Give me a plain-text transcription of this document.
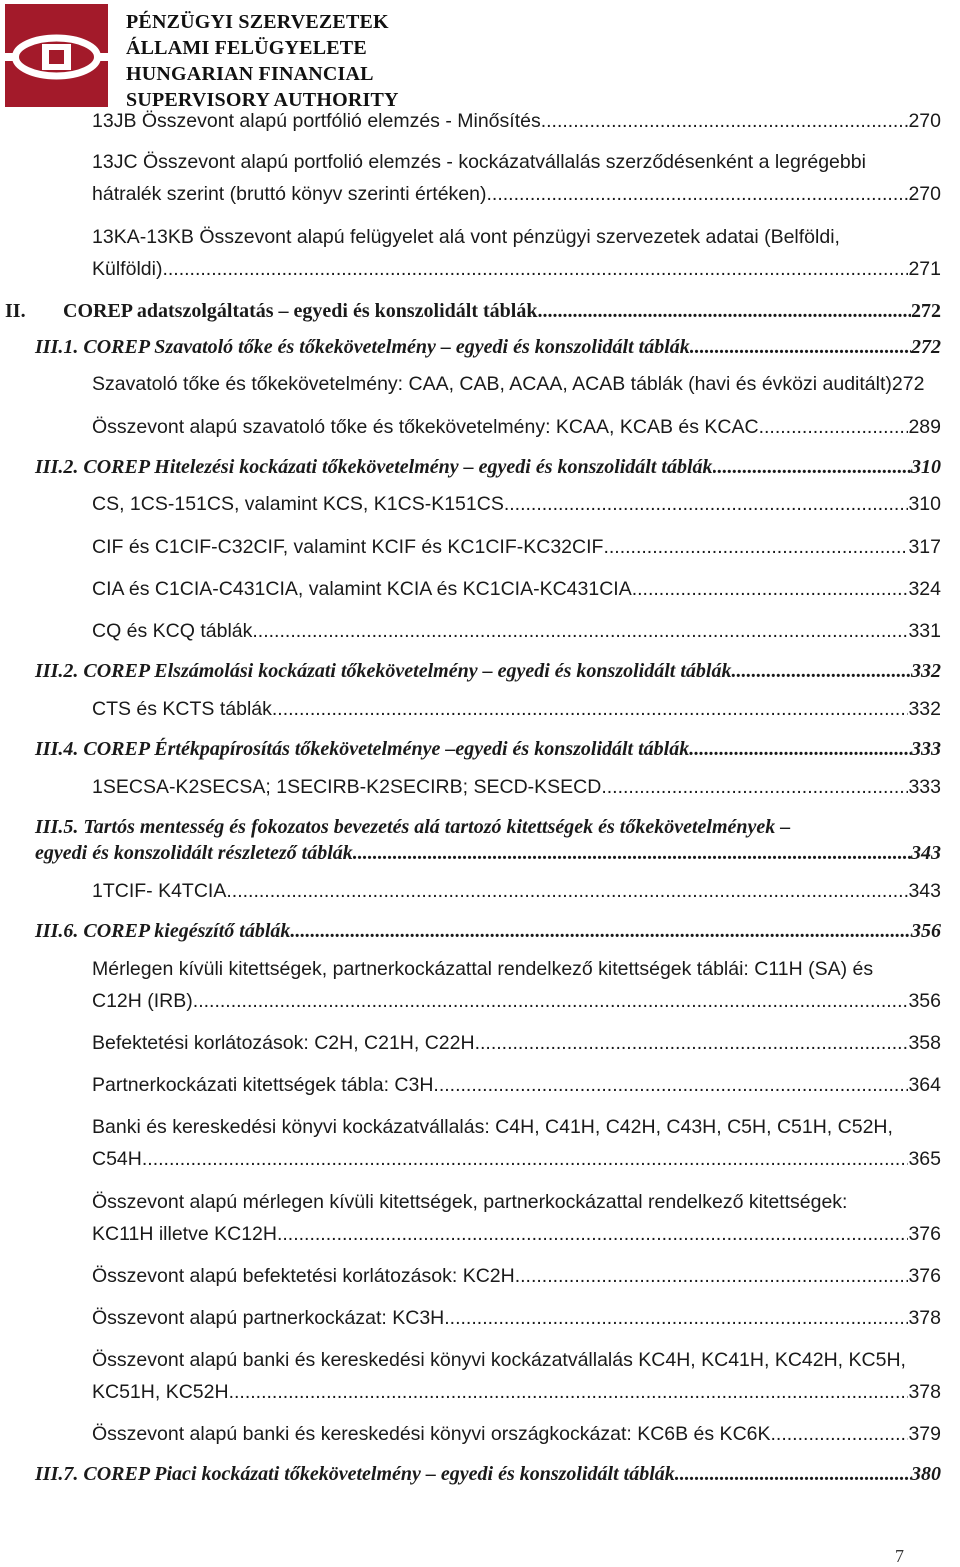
PÉNZÜGYI SZERVEZETEK
ÁLLAMI FELÜGYELETE
HUNGARIAN FINANCIAL
SUPERVISORY AUTHORITY
13JB Összevont alapú portfólió elemzés - Minősítés .....	270
13JC Összevont alapú portfolió elemzés - kockázatvállalás szerződésenként a legrégebbi
hátralék szerint (bruttó könyv szerinti értéken) .....	270
13KA-13KB Összevont alapú felügyelet alá vont pénzügyi szervezetek adatai (Belföldi,
Külföldi) .....	271
II.	COREP adatszolgáltatás – egyedi és konszolidált táblák .....	272
III.1. COREP Szavatoló tőke és tőkekövetelmény – egyedi és konszolidált táblák .....	272
Szavatoló tőke és tőkekövetelmény: CAA, CAB, ACAA, ACAB táblák (havi és évközi auditált) 272
Összevont alapú szavatoló tőke és tőkekövetelmény: KCAA, KCAB és KCAC .....	289
III.2. COREP Hitelezési kockázati tőkekövetelmény – egyedi és konszolidált táblák .....	310
CS, 1CS-151CS, valamint KCS, K1CS-K151CS .....	310
CIF és C1CIF-C32CIF, valamint KCIF és KC1CIF-KC32CIF .....	317
CIA és C1CIA-C431CIA, valamint KCIA és KC1CIA-KC431CIA .....	324
CQ és KCQ táblák .....	331
III.2. COREP Elszámolási kockázati tőkekövetelmény – egyedi és konszolidált táblák .....	332
CTS és KCTS táblák .....	332
III.4. COREP Értékpapírosítás tőkekövetelménye –egyedi és konszolidált táblák .....	333
1SECSA-K2SECSA; 1SECIRB-K2SECIRB; SECD-KSECD .....	333
III.5. Tartós mentesség és fokozatos bevezetés alá tartozó kitettségek és tőkekövetelmények –
egyedi és konszolidált részletező táblák .....	343
1TCIF- K4TCIA .....	343
III.6. COREP kiegészítő táblák .....	356
Mérlegen kívüli kitettségek, partnerkockázattal rendelkező kitettségek táblái: C11H (SA) és
C12H (IRB) .....	356
Befektetési korlátozások: C2H, C21H, C22H .....	358
Partnerkockázati kitettségek tábla: C3H .....	364
Banki és kereskedési könyvi kockázatvállalás: C4H, C41H, C42H, C43H, C5H, C51H, C52H,
C54H .....	365
Összevont alapú mérlegen kívüli kitettségek, partnerkockázattal rendelkező kitettségek:
KC11H illetve KC12H .....	376
Összevont alapú befektetési korlátozások: KC2H .....	376
Összevont alapú partnerkockázat: KC3H .....	378
Összevont alapú banki és kereskedési könyvi kockázatvállalás KC4H, KC41H, KC42H, KC5H,
KC51H, KC52H .....	378
Összevont alapú banki és kereskedési könyvi országkockázat: KC6B és KC6K .....	379
III.7. COREP Piaci kockázati tőkekövetelmény – egyedi és konszolidált táblák .....	380
7
